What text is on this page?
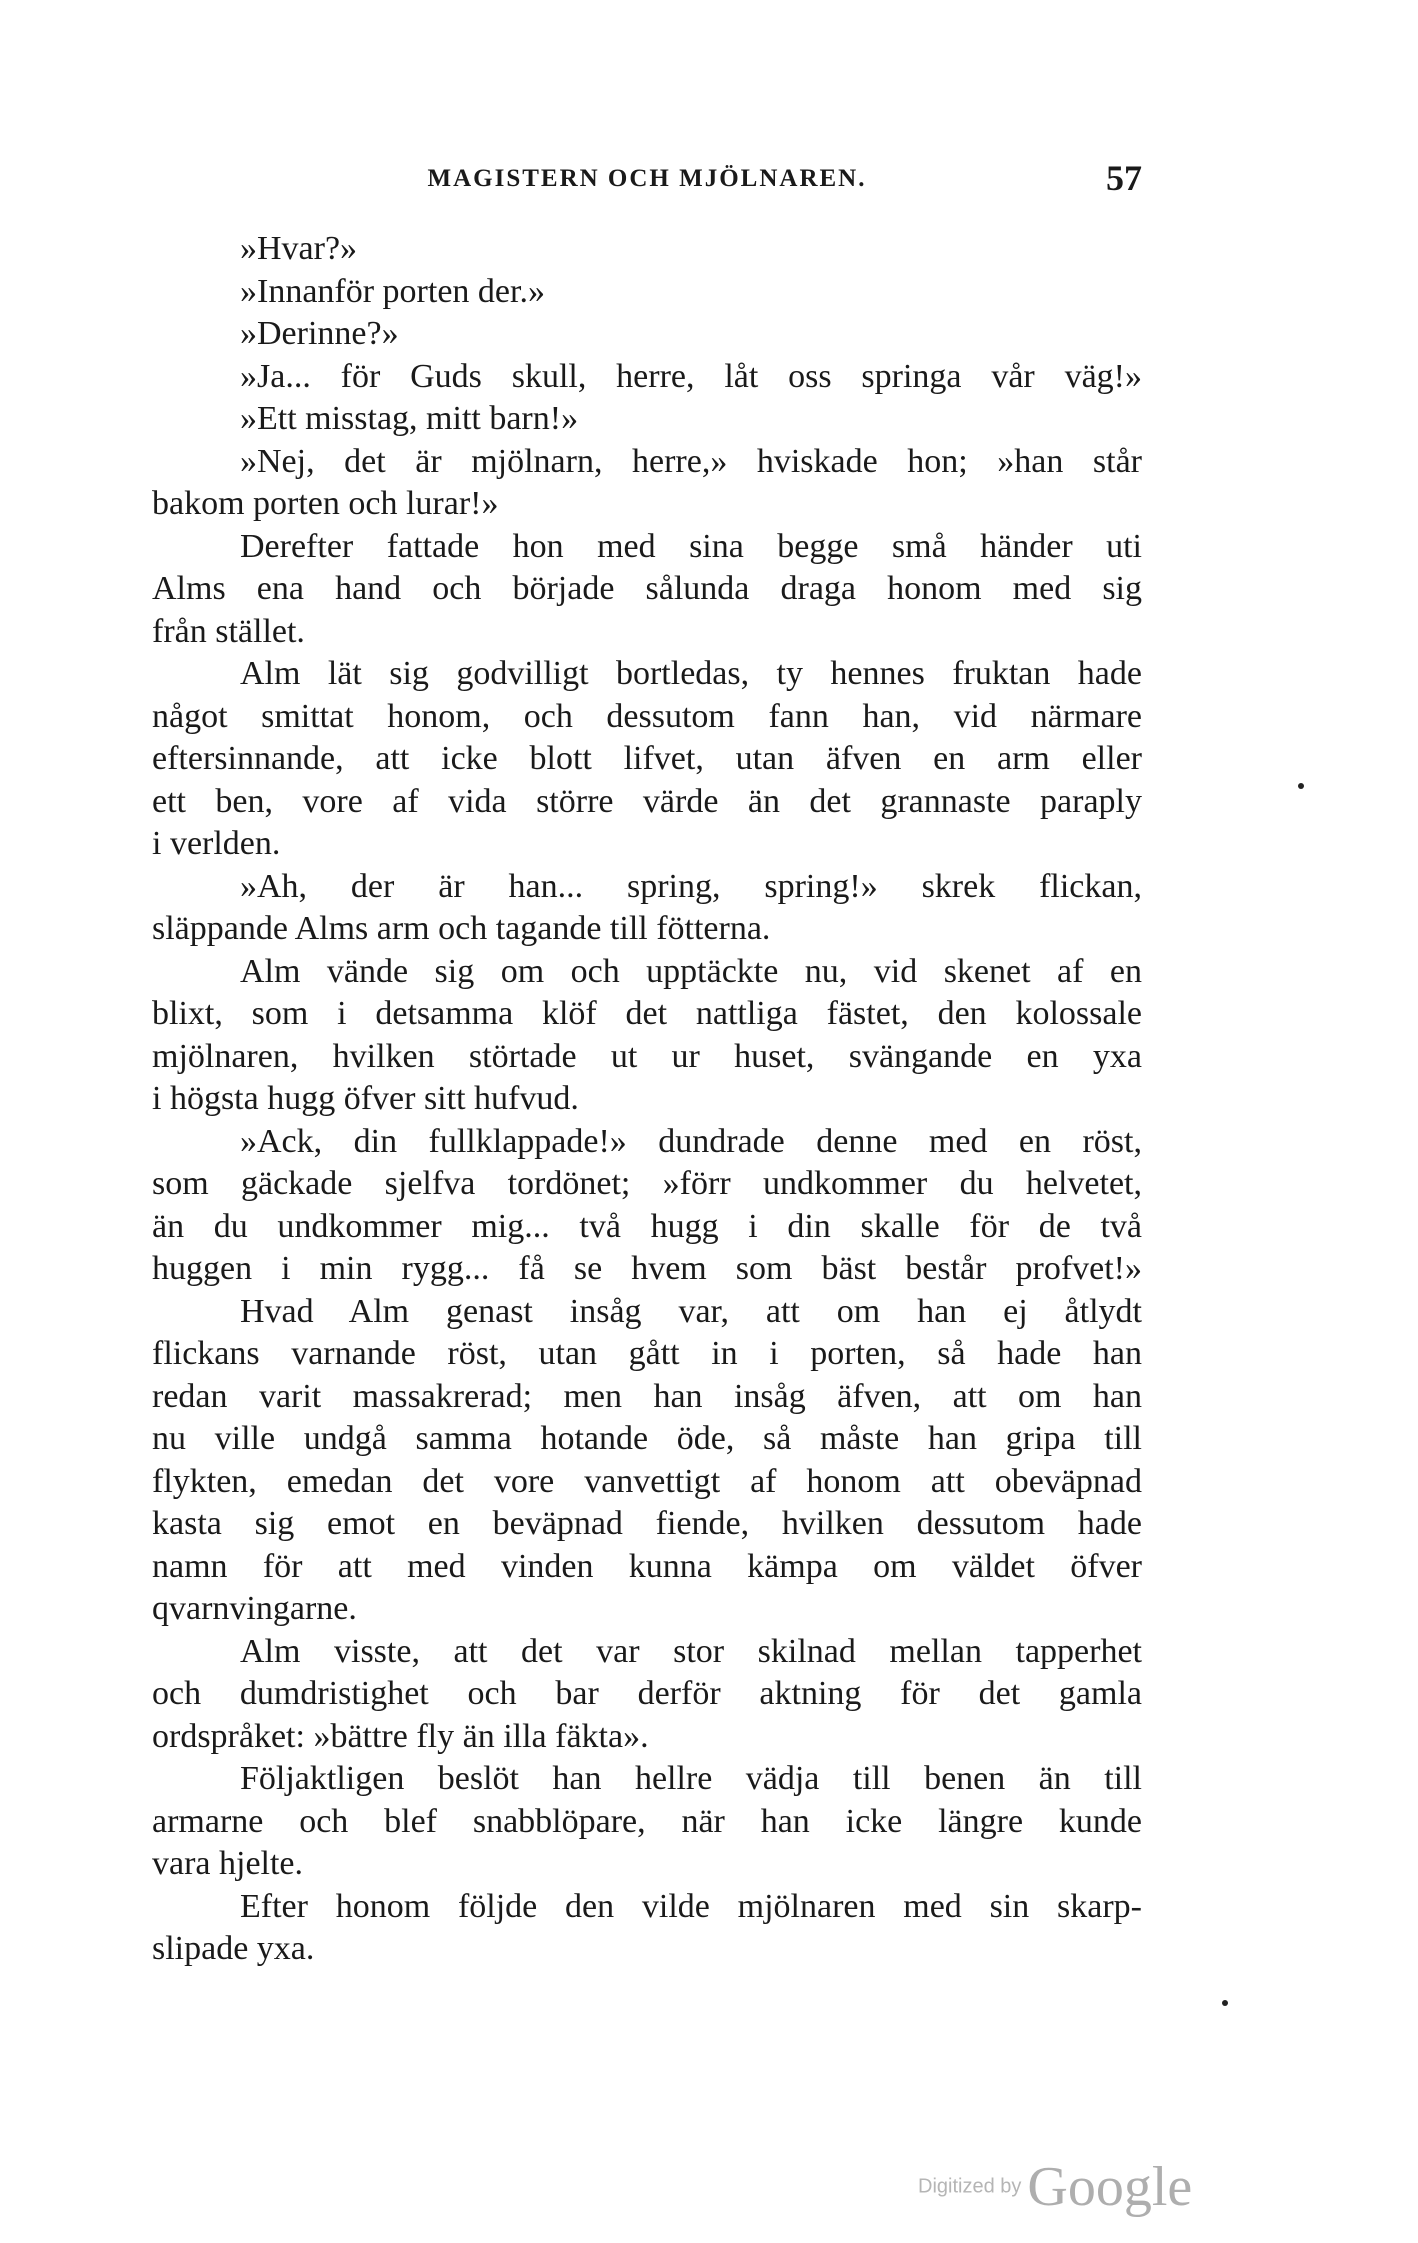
MAGISTERN OCH MJÖLNAREN.	57
»Hvar?»
»Innanför porten der.»
»Derinne?»
»Ja... för Guds skull, herre, låt oss springa vår väg!»
»Ett misstag, mitt barn!»
»Nej, det är mjölnarn, herre,» hviskade hon; »han står
bakom porten och lurar!»
Derefter fattade hon med sina begge små händer uti
Alms ena hand och började sålunda draga honom med sig
från stället.
Alm lät sig godvilligt bortledas, ty hennes fruktan hade
något smittat honom, och dessutom fann han, vid närmare
eftersinnande, att icke blott lifvet, utan äfven en arm eller
ett ben, vore af vida större värde än det grannaste paraply
i verlden.
»Ah, der är han... spring, spring!» skrek flickan,
släppande Alms arm och tagande till fötterna.
Alm vände sig om och upptäckte nu, vid skenet af en
blixt, som i detsamma klöf det nattliga fästet, den kolossale
mjölnaren, hvilken störtade ut ur huset, svängande en yxa
i högsta hugg öfver sitt hufvud.
»Ack, din fullklappade!» dundrade denne med en röst,
som gäckade sjelfva tordönet; »förr undkommer du helvetet,
än du undkommer mig... två hugg i din skalle för de två
huggen i min rygg... få se hvem som bäst består profvet!»
Hvad Alm genast insåg var, att om han ej åtlydt
flickans varnande röst, utan gått in i porten, så hade han
redan varit massakrerad; men han insåg äfven, att om han
nu ville undgå samma hotande öde, så måste han gripa till
flykten, emedan det vore vanvettigt af honom att obeväpnad
kasta sig emot en beväpnad fiende, hvilken dessutom hade
namn för att med vinden kunna kämpa om väldet öfver
qvarnvingarne.
Alm visste, att det var stor skilnad mellan tapperhet
och dumdristighet och bar derför aktning för det gamla
ordspråket: »bättre fly än illa fäkta».
Följaktligen beslöt han hellre vädja till benen än till
armarne och blef snabblöpare, när han icke längre kunde
vara hjelte.
Efter honom följde den vilde mjölnaren med sin skarp-
slipade yxa.
Digitized by Google
